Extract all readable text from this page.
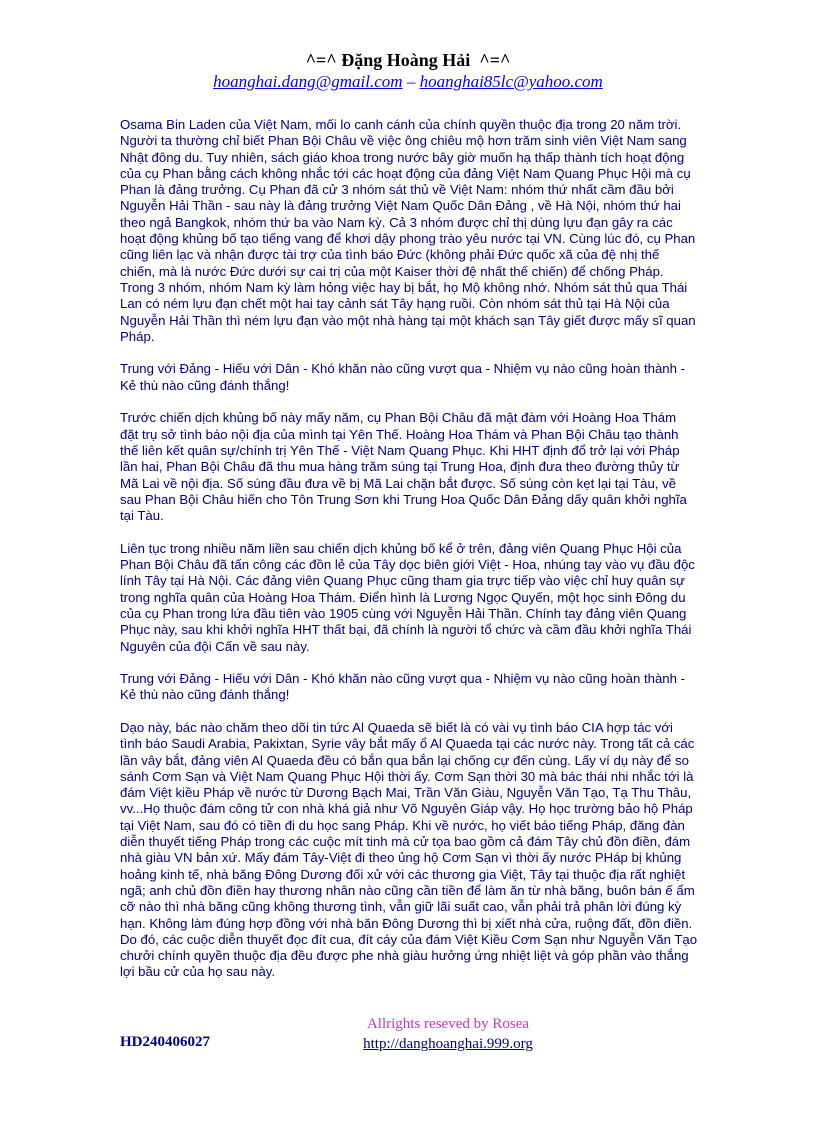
^=^ Đặng Hoàng Hải  ^=^
hoanghai.dang@gmail.com – hoanghai85lc@yahoo.com

Osama Bin Laden của Việt Nam, mối lo canh cánh của chính quyền thuộc địa trong 20 năm trời. Người ta thường chỉ biết Phan Bội Châu về việc ông chiêu mộ hơn trăm sinh viên Việt Nam sang Nhật đông du. Tuy nhiên, sách giáo khoa trong nước bây giờ muốn hạ thấp thành tích hoạt động của cụ Phan bằng cách không nhắc tới các hoạt động của đảng Việt Nam Quang Phục Hội mà cụ Phan là đảng trưởng. Cụ Phan đã cử 3 nhóm sát thủ về Việt Nam: nhóm thứ nhất cầm đầu bởi Nguyễn Hải Thần - sau này là đảng trưởng Việt Nam Quốc Dân Đảng , về Hà Nội, nhóm thứ hai theo ngả Bangkok, nhóm thứ ba vào Nam kỳ. Cả 3 nhóm được chỉ thị dùng lựu đạn gây ra các hoạt động khủng bố tạo tiếng vang để khơi dậy phong trào yêu nước tại VN. Cùng lúc đó, cụ Phan cũng liên lạc và nhận được tài trợ của tình báo Đức (không phải Đức quốc xã của đệ nhị thế chiến, mà là nước Đức dưới sự cai trị của một Kaiser thời đệ nhất thế chiến) để chống Pháp. Trong 3 nhóm, nhóm Nam kỳ làm hỏng việc hay bị bắt, họ Mộ không nhớ. Nhóm sát thủ qua Thái Lan có ném lựu đạn chết một hai tay cảnh sát Tây hạng ruồi. Còn nhóm sát thủ tại Hà Nội của Nguyễn Hải Thần thì ném lựu đạn vào một nhà hàng tại một khách sạn Tây giết được mấy sĩ quan Pháp.

Trung với Đảng - Hiếu với Dân - Khó khăn nào cũng vượt qua - Nhiệm vụ nào cũng hoàn thành - Kẻ thù nào cũng đánh thắng!

Trước chiến dịch khủng bố này mấy năm, cụ Phan Bội Châu đã mật đàm với Hoàng Hoa Thám đặt trụ sở tình báo nội địa của mình tại Yên Thế. Hoàng Hoa Thám và Phan Bội Châu tạo thành thế liên kết quân sự/chính trị Yên Thế - Việt Nam Quang Phục. Khi HHT định đổ trở lại với Pháp lần hai, Phan Bội Châu đã thu mua hàng trăm súng tại Trung Hoa, định đưa theo đường thủy từ Mã Lai về nội địa. Số súng đầu đưa về bị Mã Lai chặn bắt được. Số súng còn kẹt lại tại Tàu, về sau Phan Bội Châu hiến cho Tôn Trung Sơn khi Trung Hoa Quốc Dân Đảng dấy quân khởi nghĩa tại Tàu.

Liên tục trong nhiều năm liền sau chiến dịch khủng bố kể ở trên, đảng viên Quang Phục Hội của Phan Bội Châu đã tấn công các đồn lẻ của Tây dọc biên giới Việt - Hoa, nhúng tay vào vụ đầu độc lính Tây tại Hà Nội. Các đảng viên Quang Phục cũng tham gia trực tiếp vào việc chỉ huy quân sự trong nghĩa quân của Hoàng Hoa Thám. Điển hình là Lương Ngọc Quyến, một học sinh Đông du của cụ Phan trong lứa đầu tiên vào 1905 cùng với Nguyễn Hải Thần. Chính tay đảng viên Quang Phục này, sau khi khởi nghĩa HHT thất bại, đã chính là người tổ chức và cầm đầu khởi nghĩa Thái Nguyên của đội Cấn về sau này.

Trung với Đảng - Hiếu với Dân - Khó khăn nào cũng vượt qua - Nhiệm vụ nào cũng hoàn thành - Kẻ thù nào cũng đánh thắng!

Dạo này, bác nào chăm theo dõi tin tức Al Quaeda sẽ biết là có vài vụ tình báo CIA hợp tác với tình báo Saudi Arabia, Pakixtan, Syrie vây bắt mấy ổ Al Quaeda tại các nước này. Trong tất cả các lần vây bắt, đảng viên Al Quaeda đều có bắn qua bắn lại chống cự đến cùng. Lấy ví dụ này để so sánh Cơm Sạn và Việt Nam Quang Phục Hội thời ấy. Cơm Sạn thời 30 mà bác thái nhi nhắc tới là đám Việt kiều Pháp về nước từ Dương Bạch Mai, Trần Văn Giàu, Nguyễn Văn Tạo, Tạ Thu Thâu, vv...Họ thuộc đám công tử con nhà khá giả như Võ Nguyên Giáp vậy. Họ học trường bảo hộ Pháp tại Việt Nam, sau đó có tiền đi du học sang Pháp. Khi về nước, họ viết báo tiếng Pháp, đăng đàn diễn thuyết tiếng Pháp trong các cuộc mít tinh mà cử tọa bao gồm cả đám Tây chủ đồn điền, đám nhà giàu VN bản xứ. Mấy đám Tây-Việt đi theo ủng hộ Cơm Sạn vì thời ấy nước PHáp bị khủng hoảng kinh tế, nhà băng Đông Dương đối xử với các thương gia Việt, Tây tại thuộc địa rất nghiệt ngã; anh chủ đồn điền hay thương nhân nào cũng cần tiền để làm ăn từ nhà băng, buôn bán ế ẩm cỡ nào thì nhà băng cũng không thương tình, vẫn giữ lãi suất cao, vẫn phải trả phân lời đúng kỳ hạn. Không làm đúng hợp đồng với nhà băn Đông Dương thì bị xiết nhà cửa, ruộng đất, đồn điền. Do đó, các cuộc diễn thuyết đọc đít cua, đít cáy của đám Việt Kiều Cơm Sạn như Nguyễn Văn Tạo chưởi chính quyền thuộc địa đều được phe nhà giàu hưởng ứng nhiệt liệt và góp phần vào thắng lợi bầu cử của họ sau này.

Allrights reseved by Rosea
HD240406027	http://danghoanghai.999.org
